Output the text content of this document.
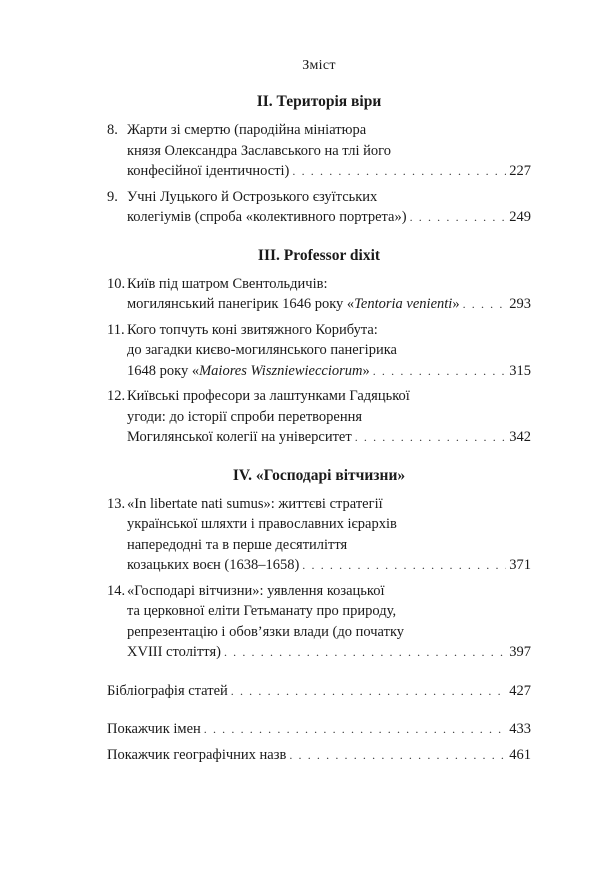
Зміст
II. Територія віри
8. Жарти зі смертю (пародійна мініатюра
князя Олександра Заславського на тлі його
конфесійної ідентичності) . . .	227
9. Учні Луцького й Острозького єзуїтських
колегіумів (спроба «колективного портрета») . . .	249
III. Professor dixit
10. Київ під шатром Свентольдичів:
могилянський панегірик 1646 року «Tentoria venienti» . . .	293
11. Кого топчуть коні звитяжного Корибута:
до загадки києво-могилянського панегірика
1648 року «Maiores Wiszniewiecciorum» . . .	315
12. Київські професори за лаштунками Гадяцької
угоди: до історії спроби перетворення
Могилянської колегії на університет . . .	342
IV. «Господарі вітчизни»
13. «In libertate nati sumus»: життєві стратегії
української шляхти і православних ієрархів
напередодні та в перше десятиліття
козацьких воєн (1638–1658) . . .	371
14. «Господарі вітчизни»: уявлення козацької
та церковної еліти Гетьманату про природу,
репрезентацію і обов’язки влади (до початку
XVIII століття) . . .	397
Бібліографія статей . . .	427
Покажчик імен . . .	433
Покажчик географічних назв . . .	461
